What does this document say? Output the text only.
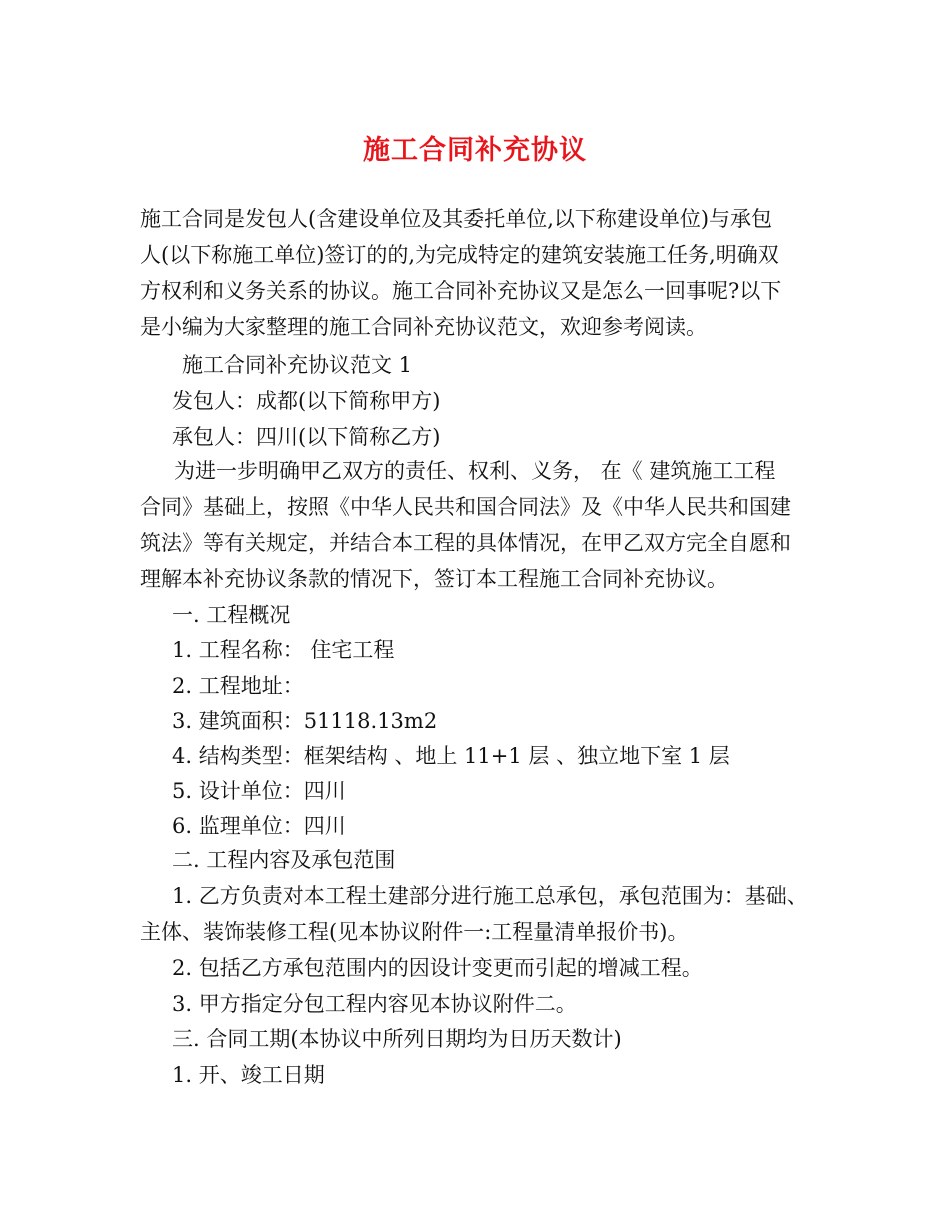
施工合同补充协议
施工合同是发包人(含建设单位及其委托单位,以下称建设单位)与承包
人(以下称施工单位)签订的的,为完成特定的建筑安装施工任务,明确双
方权利和义务关系的协议。施工合同补充协议又是怎么一回事呢?以下
是小编为大家整理的施工合同补充协议范文，欢迎参考阅读。
施工合同补充协议范文 1
发包人：成都(以下简称甲方)
承包人：四川(以下简称乙方)
为进一步明确甲乙双方的责任、权利、义务， 在《 建筑施工工程
合同》基础上，按照《中华人民共和国合同法》及《中华人民共和国建
筑法》等有关规定，并结合本工程的具体情况，在甲乙双方完全自愿和
理解本补充协议条款的情况下，签订本工程施工合同补充协议。
一. 工程概况
1. 工程名称： 住宅工程
2. 工程地址：
3. 建筑面积：51118.13m2
4. 结构类型：框架结构 、地上 11+1 层 、独立地下室 1 层
5. 设计单位：四川
6. 监理单位：四川
二. 工程内容及承包范围
1. 乙方负责对本工程土建部分进行施工总承包，承包范围为：基础、
主体、装饰装修工程(见本协议附件一:工程量清单报价书)。
2. 包括乙方承包范围内的因设计变更而引起的增减工程。
3. 甲方指定分包工程内容见本协议附件二。
三. 合同工期(本协议中所列日期均为日历天数计)
1. 开、竣工日期
